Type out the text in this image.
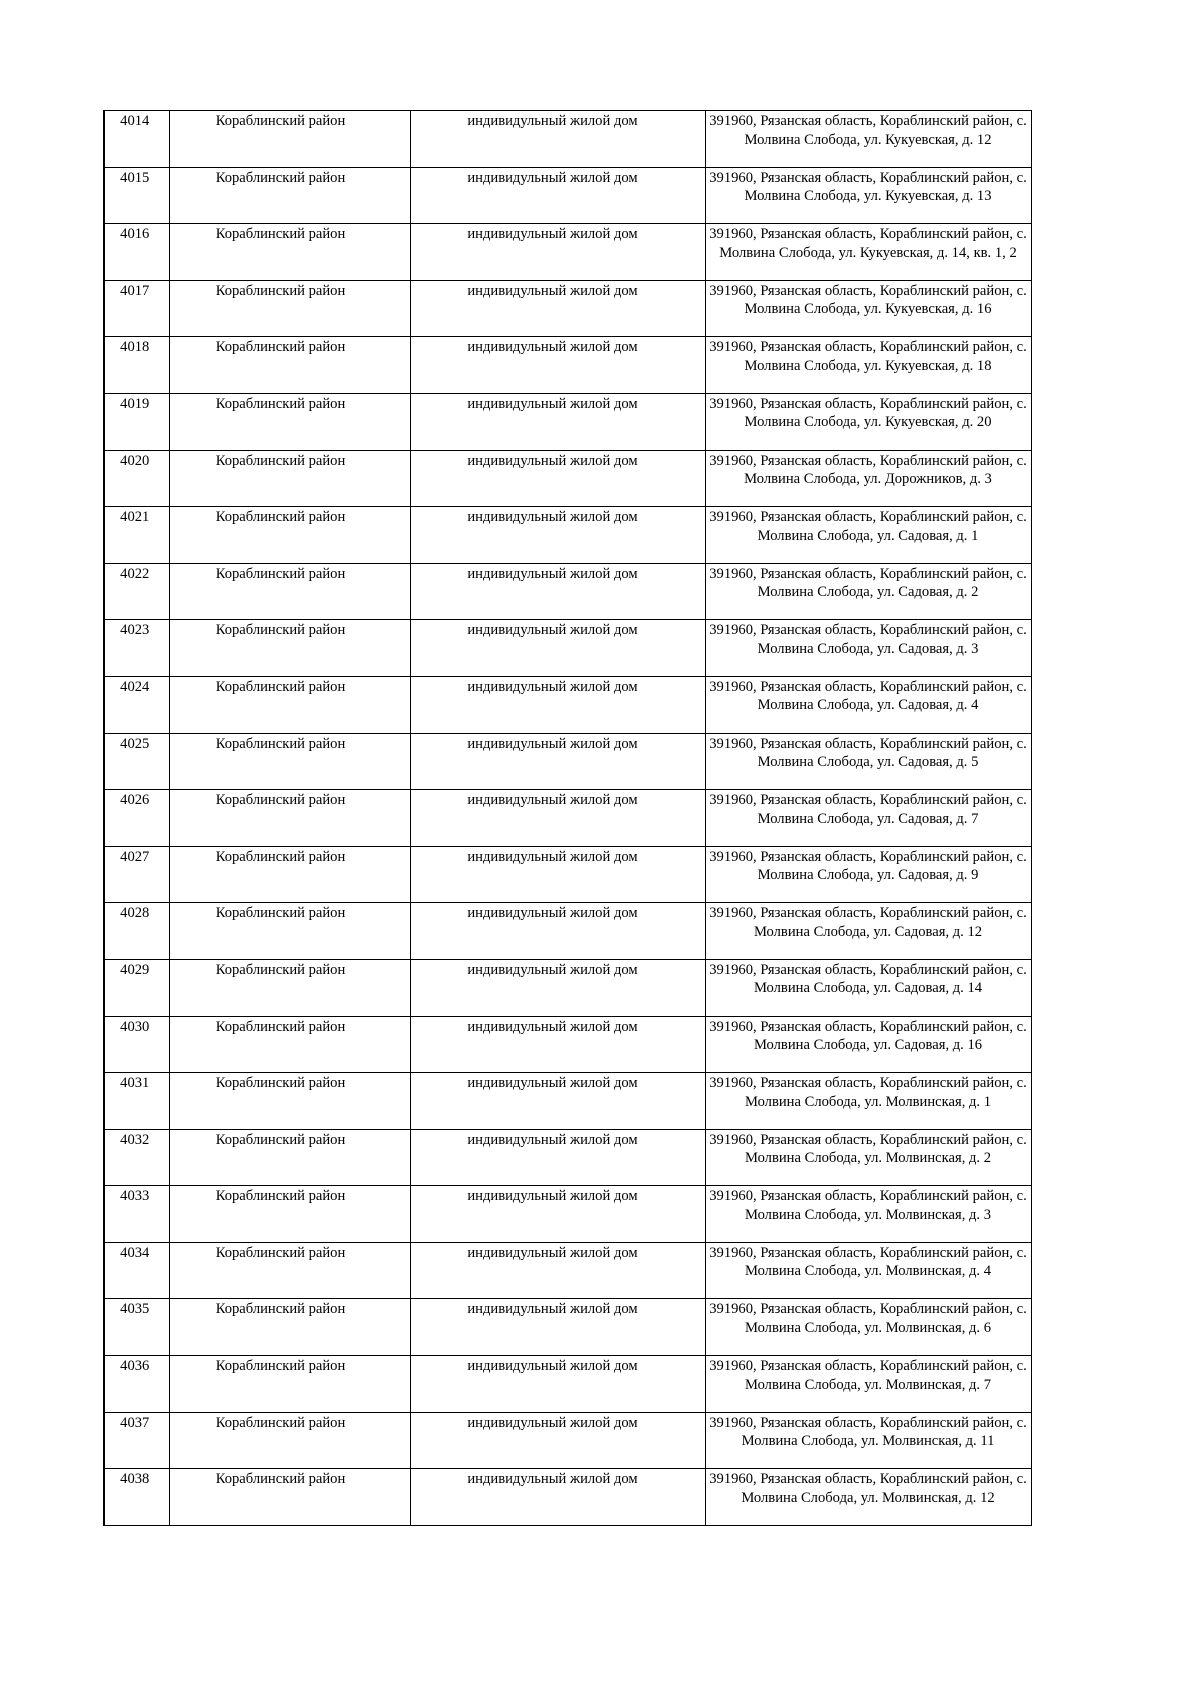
4014	Кораблинский район	индивидульный жилой дом	391960, Рязанская область, Кораблинский район, с. Молвина Слобода, ул. Кукуевская, д. 12
4015	Кораблинский район	индивидульный жилой дом	391960, Рязанская область, Кораблинский район, с. Молвина Слобода, ул. Кукуевская, д. 13
4016	Кораблинский район	индивидульный жилой дом	391960, Рязанская область, Кораблинский район, с. Молвина Слобода, ул. Кукуевская, д. 14, кв. 1, 2
4017	Кораблинский район	индивидульный жилой дом	391960, Рязанская область, Кораблинский район, с. Молвина Слобода, ул. Кукуевская, д. 16
4018	Кораблинский район	индивидульный жилой дом	391960, Рязанская область, Кораблинский район, с. Молвина Слобода, ул. Кукуевская, д. 18
4019	Кораблинский район	индивидульный жилой дом	391960, Рязанская область, Кораблинский район, с. Молвина Слобода, ул. Кукуевская, д. 20
4020	Кораблинский район	индивидульный жилой дом	391960, Рязанская область, Кораблинский район, с. Молвина Слобода, ул. Дорожников, д. 3
4021	Кораблинский район	индивидульный жилой дом	391960, Рязанская область, Кораблинский район, с. Молвина Слобода, ул. Садовая, д. 1
4022	Кораблинский район	индивидульный жилой дом	391960, Рязанская область, Кораблинский район, с. Молвина Слобода, ул. Садовая, д. 2
4023	Кораблинский район	индивидульный жилой дом	391960, Рязанская область, Кораблинский район, с. Молвина Слобода, ул. Садовая, д. 3
4024	Кораблинский район	индивидульный жилой дом	391960, Рязанская область, Кораблинский район, с. Молвина Слобода, ул. Садовая, д. 4
4025	Кораблинский район	индивидульный жилой дом	391960, Рязанская область, Кораблинский район, с. Молвина Слобода, ул. Садовая, д. 5
4026	Кораблинский район	индивидульный жилой дом	391960, Рязанская область, Кораблинский район, с. Молвина Слобода, ул. Садовая, д. 7
4027	Кораблинский район	индивидульный жилой дом	391960, Рязанская область, Кораблинский район, с. Молвина Слобода, ул. Садовая, д. 9
4028	Кораблинский район	индивидульный жилой дом	391960, Рязанская область, Кораблинский район, с. Молвина Слобода, ул. Садовая, д. 12
4029	Кораблинский район	индивидульный жилой дом	391960, Рязанская область, Кораблинский район, с. Молвина Слобода, ул. Садовая, д. 14
4030	Кораблинский район	индивидульный жилой дом	391960, Рязанская область, Кораблинский район, с. Молвина Слобода, ул. Садовая, д. 16
4031	Кораблинский район	индивидульный жилой дом	391960, Рязанская область, Кораблинский район, с. Молвина Слобода, ул. Молвинская, д. 1
4032	Кораблинский район	индивидульный жилой дом	391960, Рязанская область, Кораблинский район, с. Молвина Слобода, ул. Молвинская, д. 2
4033	Кораблинский район	индивидульный жилой дом	391960, Рязанская область, Кораблинский район, с. Молвина Слобода, ул. Молвинская, д. 3
4034	Кораблинский район	индивидульный жилой дом	391960, Рязанская область, Кораблинский район, с. Молвина Слобода, ул. Молвинская, д. 4
4035	Кораблинский район	индивидульный жилой дом	391960, Рязанская область, Кораблинский район, с. Молвина Слобода, ул. Молвинская, д. 6
4036	Кораблинский район	индивидульный жилой дом	391960, Рязанская область, Кораблинский район, с. Молвина Слобода, ул. Молвинская, д. 7
4037	Кораблинский район	индивидульный жилой дом	391960, Рязанская область, Кораблинский район, с. Молвина Слобода, ул. Молвинская, д. 11
4038	Кораблинский район	индивидульный жилой дом	391960, Рязанская область, Кораблинский район, с. Молвина Слобода, ул. Молвинская, д. 12
